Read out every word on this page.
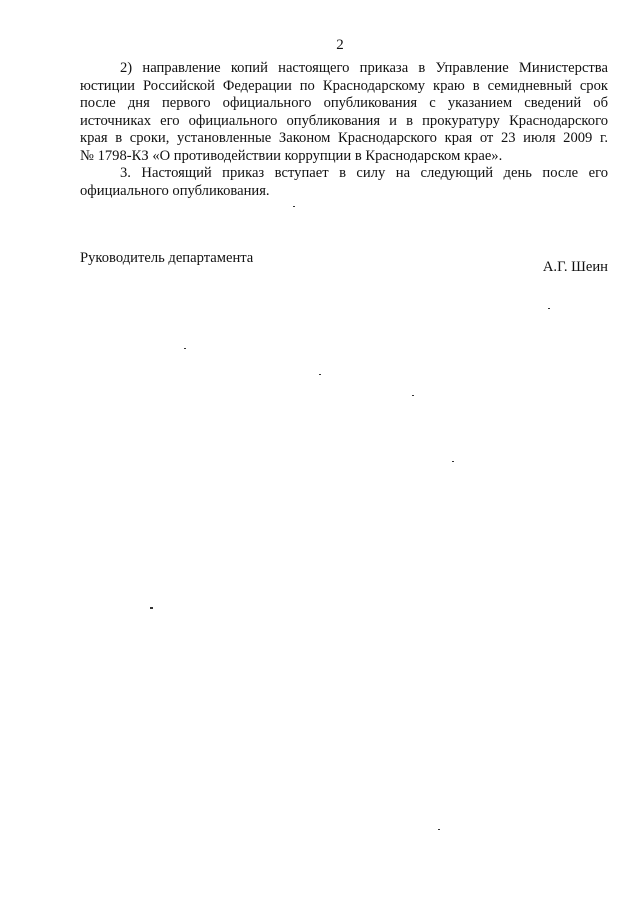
2
2) направление копий настоящего приказа в Управление Министерства
юстиции Российской Федерации по Краснодарскому краю в семидневный срок
после дня первого официального опубликования с указанием сведений об
источниках его официального опубликования и в прокуратуру Краснодарского
края в сроки, установленные Законом Краснодарского края от 23 июля 2009 г.
№ 1798-КЗ «О противодействии коррупции в Краснодарском крае».
3. Настоящий приказ вступает в силу на следующий день после его
официального опубликования.
Руководитель департамента
А.Г. Шеин
